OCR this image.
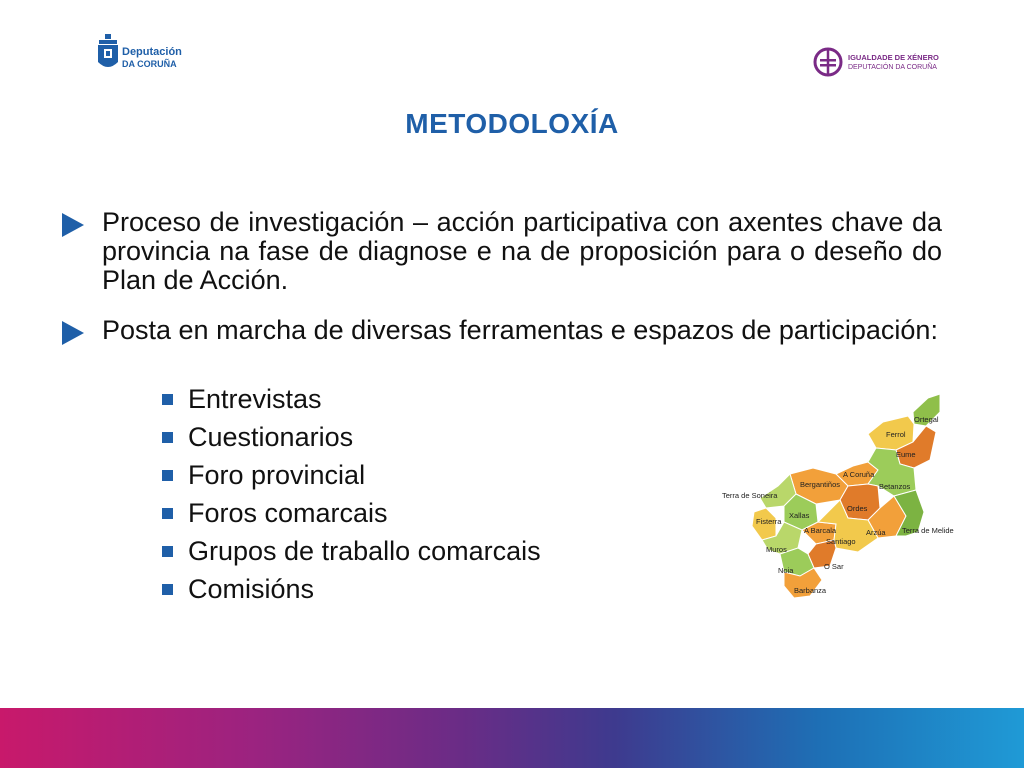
Deputación
DA CORUÑA
IGUALDADE DE XÉNERO
DEPUTACIÓN DA CORUÑA
METODOLOXÍA
Proceso de investigación – acción participativa con axentes chave da provincia na fase de diagnose e na de proposición para o deseño do Plan de Acción.
Posta en marcha de diversas ferramentas e espazos de participación:
Entrevistas
Cuestionarios
Foro provincial
Foros comarcais
Grupos de traballo comarcais
Comisións
Ortegal
Ferrol
Eume
A Coruña
Betanzos
Bergantiños
Terra de Soneira
Ordes
Fisterra
Xallas
A Barcala	Arzúa Terra de Melide
Santiago
Muros
O Sar
Noia
Barbanza
